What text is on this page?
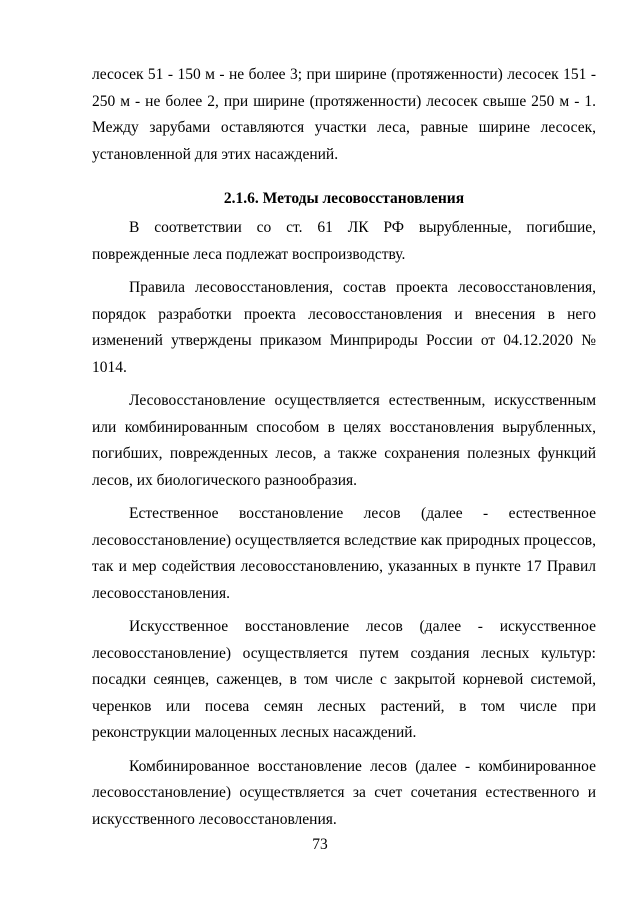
лесосек 51 - 150 м - не более 3; при ширине (протяженности) лесосек 151 - 250 м - не более 2, при ширине (протяженности) лесосек свыше 250 м - 1. Между зарубами оставляются участки леса, равные ширине лесосек, установленной для этих насаждений.

2.1.6. Методы лесовосстановления

В соответствии со ст. 61 ЛК РФ вырубленные, погибшие, поврежденные леса подлежат воспроизводству.

Правила лесовосстановления, состав проекта лесовосстановления, порядок разработки проекта лесовосстановления и внесения в него изменений утверждены приказом Минприроды России от 04.12.2020 № 1014.

Лесовосстановление осуществляется естественным, искусственным или комбинированным способом в целях восстановления вырубленных, погибших, поврежденных лесов, а также сохранения полезных функций лесов, их биологического разнообразия.

Естественное восстановление лесов (далее - естественное лесовосстановление) осуществляется вследствие как природных процессов, так и мер содействия лесовосстановлению, указанных в пункте 17 Правил лесовосстановления.

Искусственное восстановление лесов (далее - искусственное лесовосстановление) осуществляется путем создания лесных культур: посадки сеянцев, саженцев, в том числе с закрытой корневой системой, черенков или посева семян лесных растений, в том числе при реконструкции малоценных лесных насаждений.

Комбинированное восстановление лесов (далее - комбинированное лесовосстановление) осуществляется за счет сочетания естественного и искусственного лесовосстановления.

73
